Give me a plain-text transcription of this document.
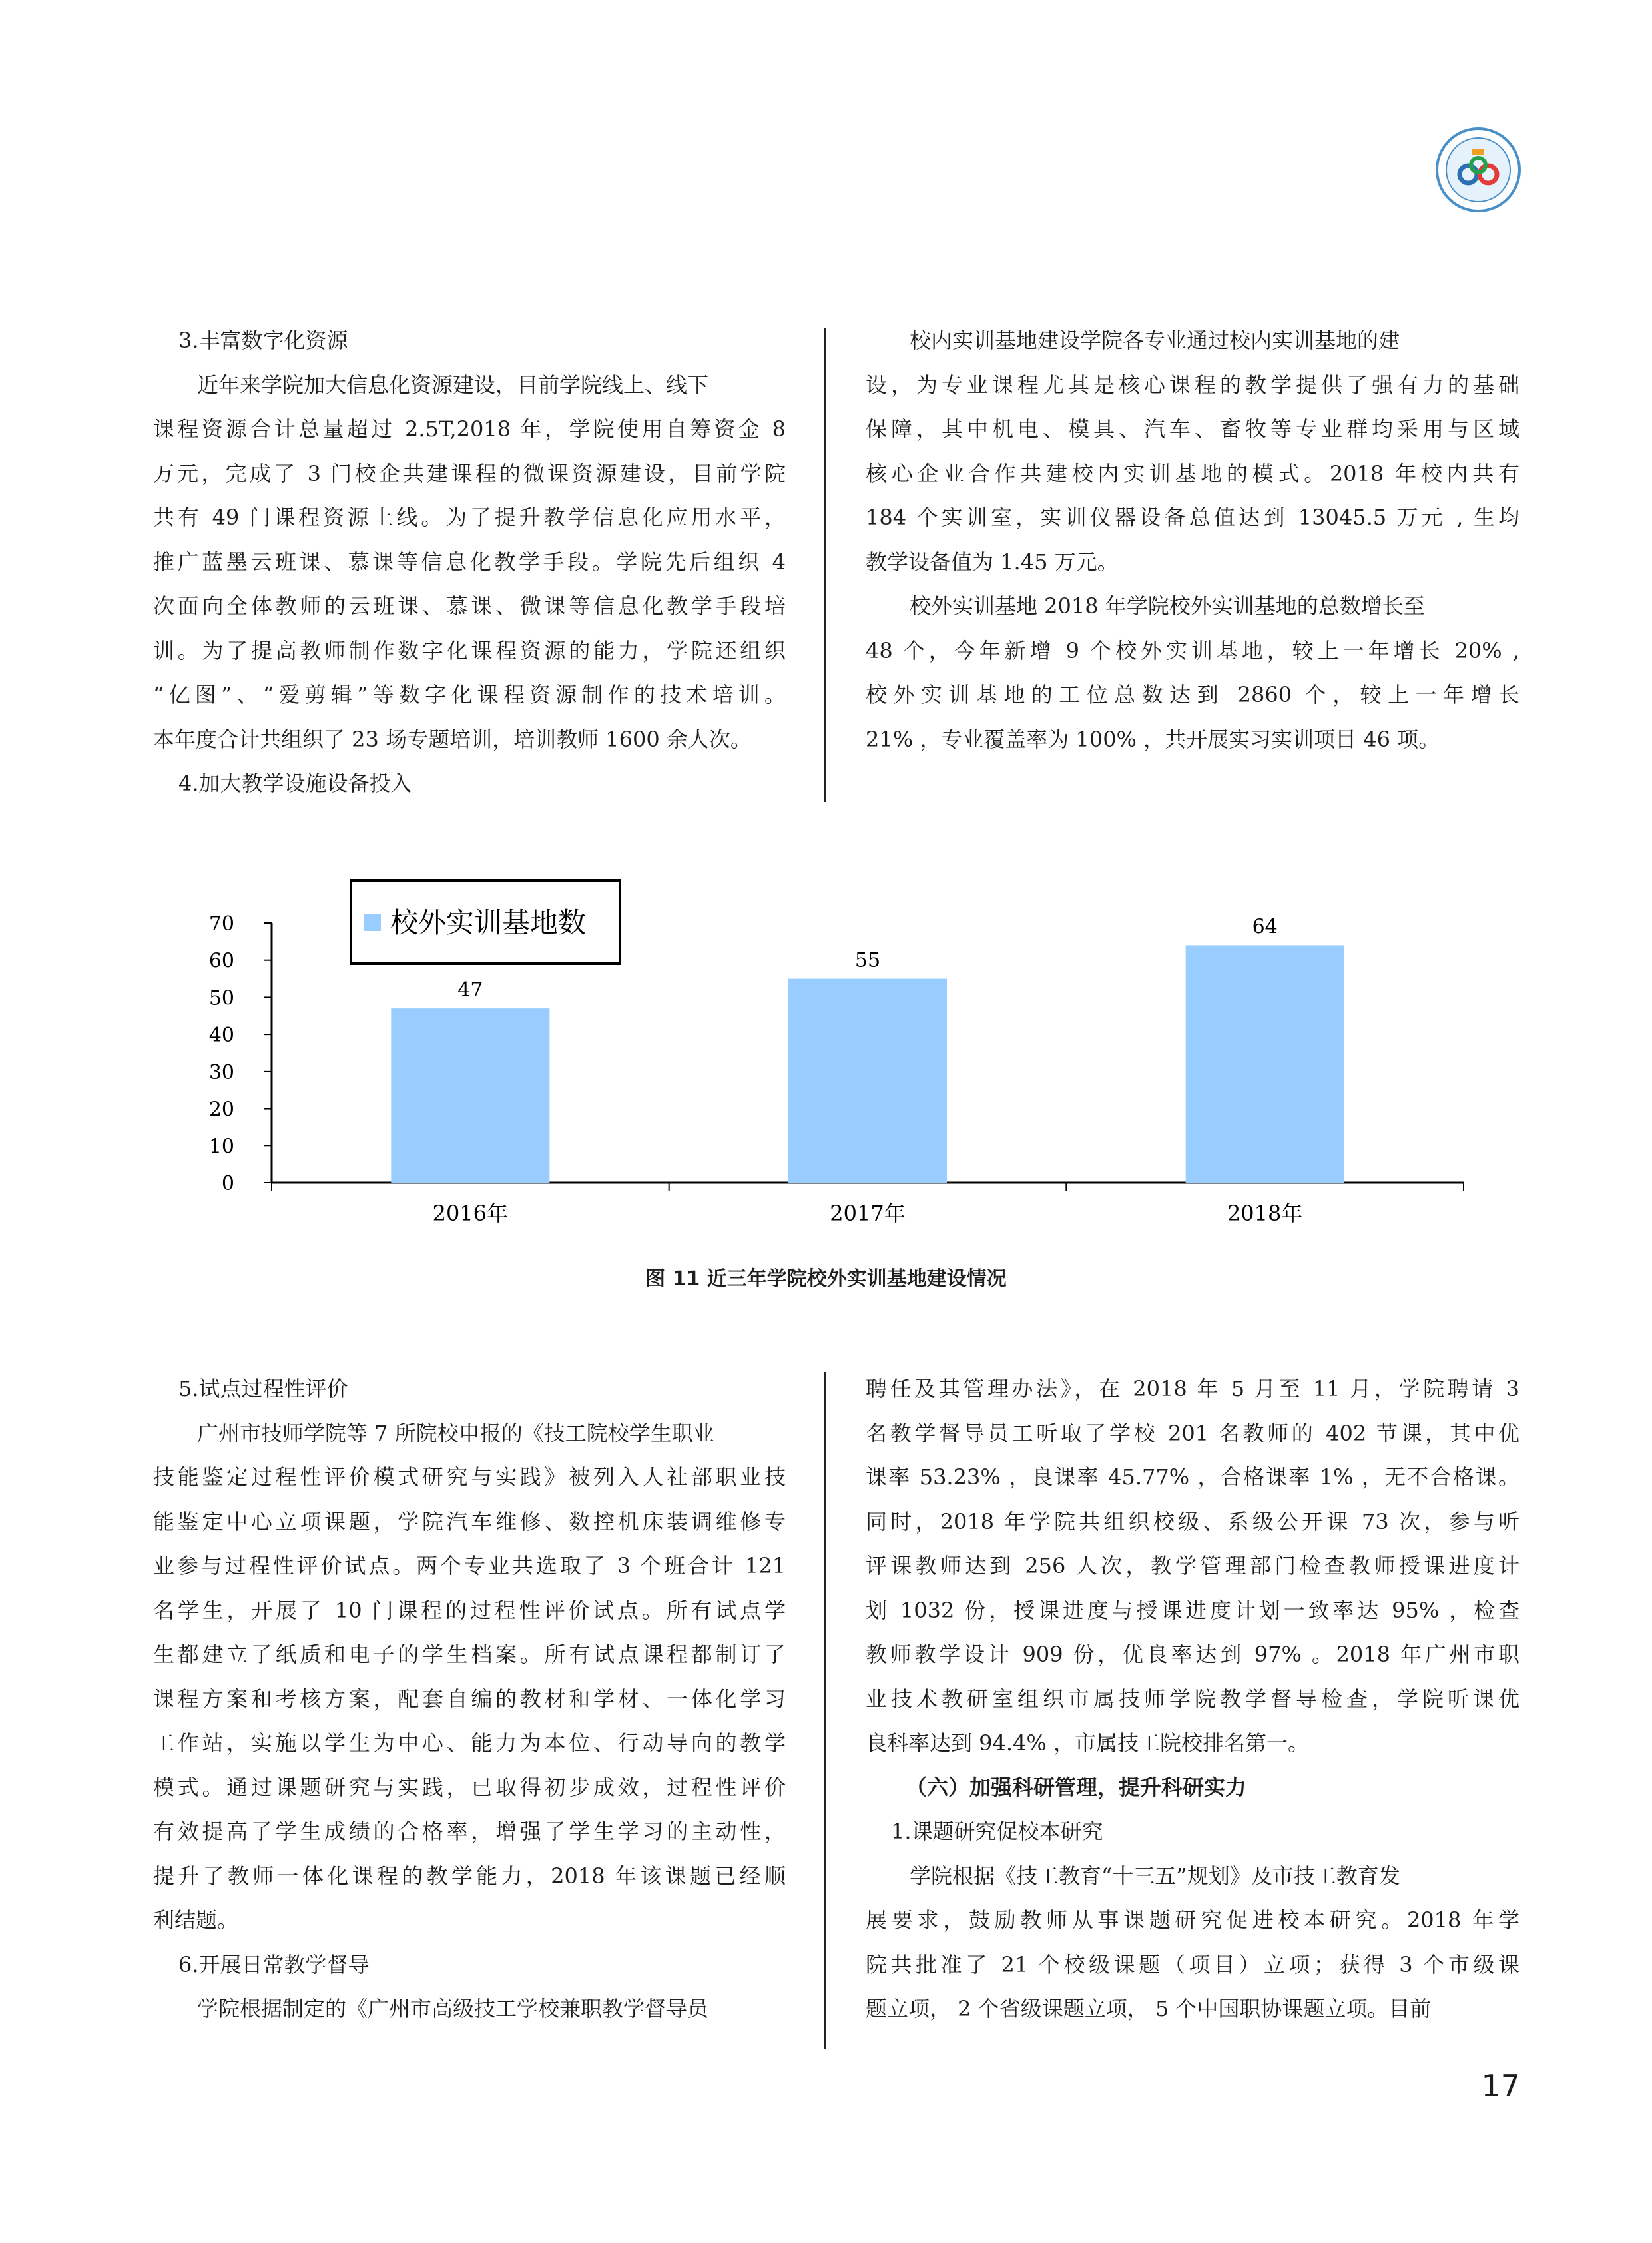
3.丰富数字化资源

近年来学院加大信息化资源建设，目前学院线上、线下

课程资源合计总量超过 2.5T,2018 年，学院使用自筹资金 8

万元，完成了 3 门校企共建课程的微课资源建设，目前学院

共有 49 门课程资源上线。为了提升教学信息化应用水平，

推广蓝墨云班课、慕课等信息化教学手段。学院先后组织 4

次面向全体教师的云班课、慕课、微课等信息化教学手段培

训。为了提高教师制作数字化课程资源的能力，学院还组织

“亿图”、“爱剪辑”等数字化课程资源制作的技术培训。

本年度合计共组织了 23 场专题培训，培训教师 1600 余人次。

4.加大教学设施设备投入

校内实训基地建设学院各专业通过校内实训基地的建

设，为专业课程尤其是核心课程的教学提供了强有力的基础

保障，其中机电、模具、汽车、畜牧等专业群均采用与区域

核心企业合作共建校内实训基地的模式。2018 年校内共有

184 个实训室，实训仪器设备总值达到 13045.5 万元 , 生均

教学设备值为 1.45 万元。

校外实训基地 2018 年学院校外实训基地的总数增长至

48 个，今年新增 9 个校外实训基地，较上一年增长 20% ,

校外实训基地的工位总数达到 2860 个，较上一年增长

21% ，专业覆盖率为 100% ，共开展实习实训项目 46 项。

0
10
20
30
40
50
60
70
2016年	2017年	2018年
47
55
64
校外实训基地数
图 11 近三年学院校外实训基地建设情况

5.试点过程性评价

广州市技师学院等 7 所院校申报的《技工院校学生职业

技能鉴定过程性评价模式研究与实践》被列入人社部职业技

能鉴定中心立项课题，学院汽车维修、数控机床装调维修专

业参与过程性评价试点。两个专业共选取了 3 个班合计 121

名学生，开展了 10 门课程的过程性评价试点。所有试点学

生都建立了纸质和电子的学生档案。所有试点课程都制订了

课程方案和考核方案，配套自编的教材和学材、一体化学习

工作站，实施以学生为中心、能力为本位、行动导向的教学

模式。通过课题研究与实践，已取得初步成效，过程性评价

有效提高了学生成绩的合格率，增强了学生学习的主动性，

提升了教师一体化课程的教学能力，2018 年该课题已经顺

利结题。

6.开展日常教学督导

学院根据制定的《广州市高级技工学校兼职教学督导员

聘任及其管理办法》，在 2018 年 5 月至 11 月，学院聘请 3

名教学督导员工听取了学校 201 名教师的 402 节课，其中优

课率 53.23% ，良课率 45.77% ，合格课率 1% ，无不合格课。

同时，2018 年学院共组织校级、系级公开课 73 次，参与听

评课教师达到 256 人次，教学管理部门检查教师授课进度计

划 1032 份，授课进度与授课进度计划一致率达 95% ，检查

教师教学设计 909 份，优良率达到 97% 。2018 年广州市职

业技术教研室组织市属技师学院教学督导检查，学院听课优

良科率达到 94.4% ，市属技工院校排名第一。

（六）加强科研管理，提升科研实力

1.课题研究促校本研究

学院根据《技工教育“十三五”规划》及市技工教育发

展要求，鼓励教师从事课题研究促进校本研究。2018 年学

院共批准了 21 个校级课题（项目）立项；获得 3 个市级课

题立项， 2 个省级课题立项， 5 个中国职协课题立项。目前

17
